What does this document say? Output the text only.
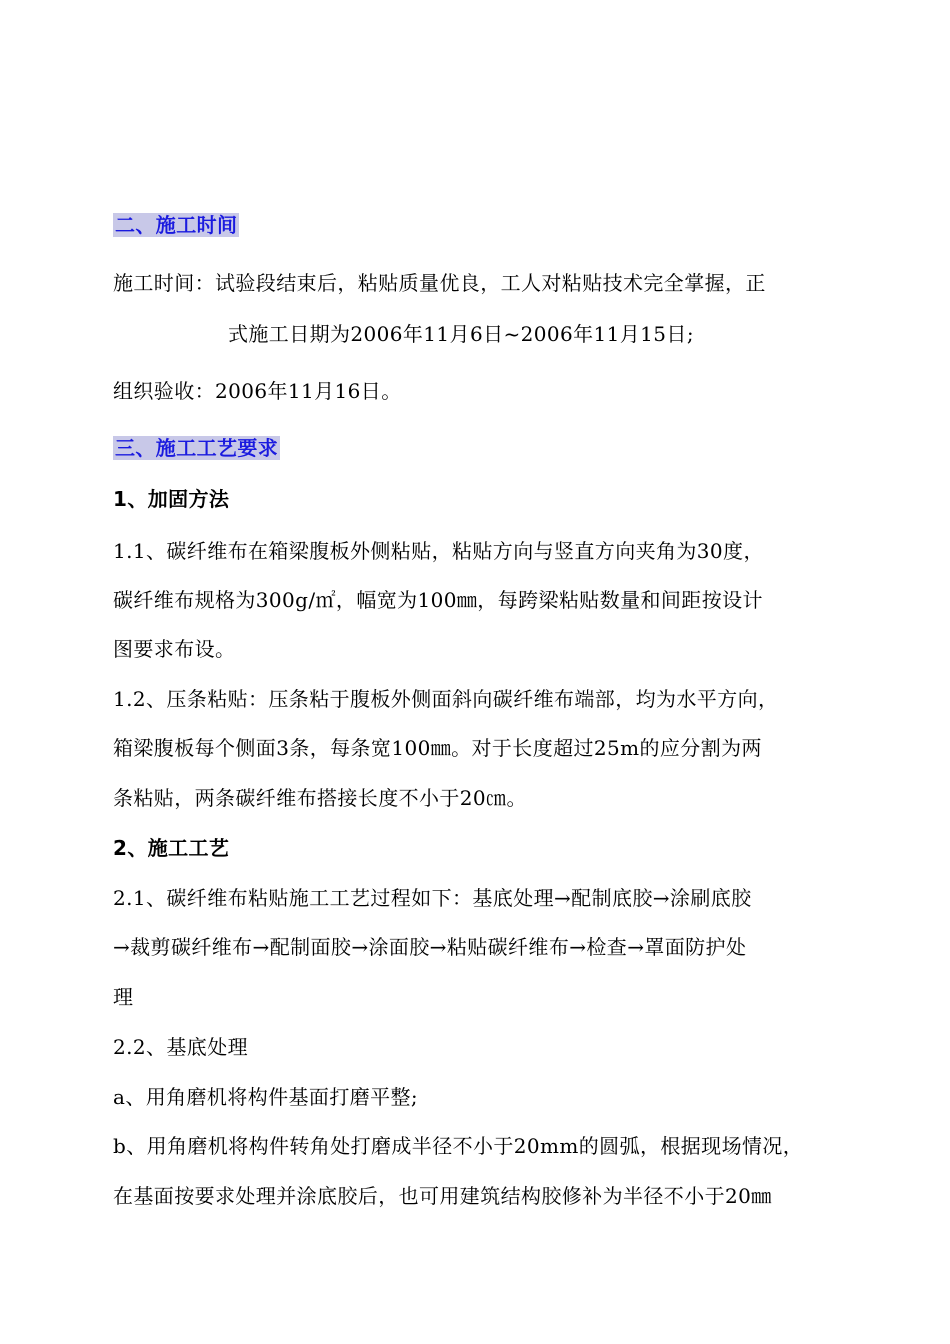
二、施工时间
施工时间：试验段结束后，粘贴质量优良，工人对粘贴技术完全掌握，正
式施工日期为2006年11月6日~2006年11月15日;
组织验收：2006年11月16日。
三、施工工艺要求
1、加固方法
1.1、碳纤维布在箱梁腹板外侧粘贴，粘贴方向与竖直方向夹角为30度，
碳纤维布规格为300g/㎡，幅宽为100㎜，每跨梁粘贴数量和间距按设计
图要求布设。
1.2、压条粘贴：压条粘于腹板外侧面斜向碳纤维布端部，均为水平方向，
箱梁腹板每个侧面3条，每条宽100㎜。对于长度超过25m的应分割为两
条粘贴，两条碳纤维布搭接长度不小于20㎝。
2、施工工艺
2.1、碳纤维布粘贴施工工艺过程如下：基底处理→配制底胶→涂刷底胶
→裁剪碳纤维布→配制面胶→涂面胶→粘贴碳纤维布→检查→罩面防护处
理
2.2、基底处理
a、用角磨机将构件基面打磨平整;
b、用角磨机将构件转角处打磨成半径不小于20mm的圆弧，根据现场情况，
在基面按要求处理并涂底胶后，也可用建筑结构胶修补为半径不小于20㎜
